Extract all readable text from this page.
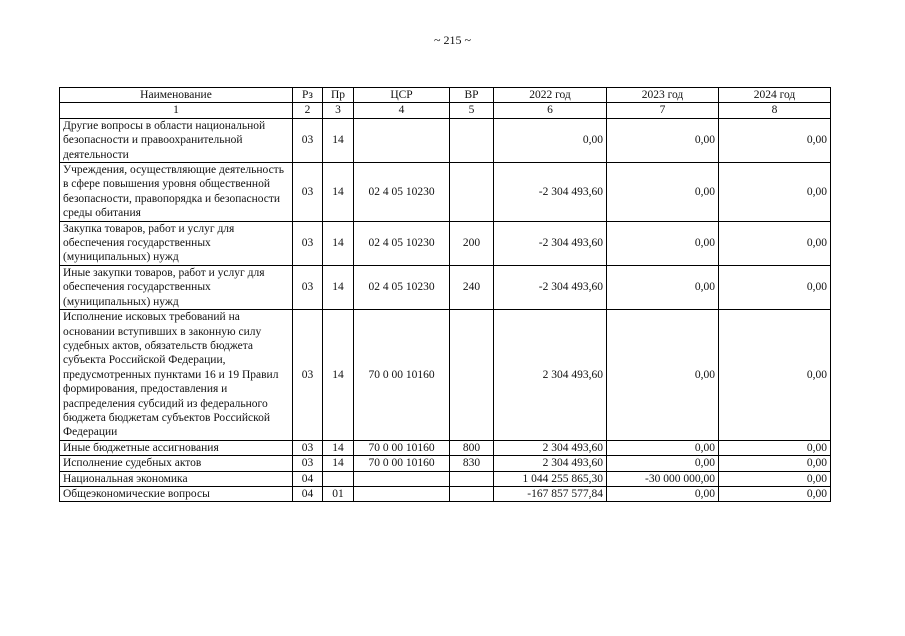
~ 215 ~
Наименование	Рз	Пр	ЦСР	ВР	2022 год	2023 год	2024 год
1	2	3	4	5	6	7	8
Другие вопросы в области национальной безопасности и правоохранительной деятельности	03	14			0,00	0,00	0,00
Учреждения, осуществляющие деятельность в сфере повышения уровня общественной безопасности, правопорядка и безопасности среды обитания	03	14	02 4 05 10230		-2 304 493,60	0,00	0,00
Закупка товаров, работ и услуг для обеспечения государственных (муниципальных) нужд	03	14	02 4 05 10230	200	-2 304 493,60	0,00	0,00
Иные закупки товаров, работ и услуг для обеспечения государственных (муниципальных) нужд	03	14	02 4 05 10230	240	-2 304 493,60	0,00	0,00
Исполнение исковых требований на основании вступивших в законную силу судебных актов, обязательств бюджета субъекта Российской Федерации, предусмотренных пунктами 16 и 19 Правил формирования, предоставления и распределения субсидий из федерального бюджета бюджетам субъектов Российской Федерации	03	14	70 0 00 10160		2 304 493,60	0,00	0,00
Иные бюджетные ассигнования	03	14	70 0 00 10160	800	2 304 493,60	0,00	0,00
Исполнение судебных актов	03	14	70 0 00 10160	830	2 304 493,60	0,00	0,00
Национальная экономика	04				1 044 255 865,30	-30 000 000,00	0,00
Общеэкономические вопросы	04	01			-167 857 577,84	0,00	0,00
